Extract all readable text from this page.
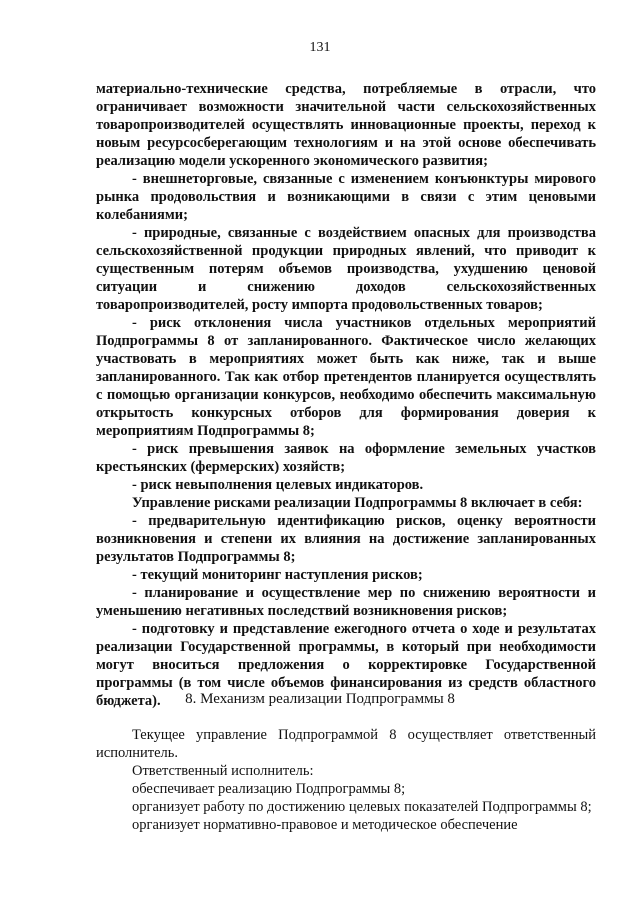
131

материально-технические средства, потребляемые в отрасли, что ограничивает возможности значительной части сельскохозяйственных товаропроизводителей осуществлять инновационные проекты, переход к новым ресурсосберегающим технологиям и на этой основе обеспечивать реализацию модели ускоренного экономического развития;

- внешнеторговые, связанные с изменением конъюнктуры мирового рынка продовольствия и возникающими в связи с этим ценовыми колебаниями;

- природные, связанные с воздействием опасных для производства сельскохозяйственной продукции природных явлений, что приводит к существенным потерям объемов производства, ухудшению ценовой ситуации и снижению доходов сельскохозяйственных товаропроизводителей, росту импорта продовольственных товаров;

- риск отклонения числа участников отдельных мероприятий Подпрограммы 8 от запланированного. Фактическое число желающих участвовать в мероприятиях может быть как ниже, так и выше запланированного. Так как отбор претендентов планируется осуществлять с помощью организации конкурсов, необходимо обеспечить максимальную открытость конкурсных отборов для формирования доверия к мероприятиям Подпрограммы 8;

- риск превышения заявок на оформление земельных участков крестьянских (фермерских) хозяйств;

- риск невыполнения целевых индикаторов.

Управление рисками реализации Подпрограммы 8 включает в себя:

- предварительную идентификацию рисков, оценку вероятности возникновения и степени их влияния на достижение запланированных результатов Подпрограммы 8;

- текущий мониторинг наступления рисков;

- планирование и осуществление мер по снижению вероятности и уменьшению негативных последствий возникновения рисков;

- подготовку и представление ежегодного отчета о ходе и результатах реализации Государственной программы, в который при необходимости могут вноситься предложения о корректировке Государственной программы (в том числе объемов финансирования из средств областного бюджета).	8. Механизм реализации Подпрограммы 8

Текущее управление Подпрограммой 8 осуществляет ответственный исполнитель.

Ответственный исполнитель:

обеспечивает реализацию Подпрограммы 8;

организует работу по достижению целевых показателей Подпрограммы 8;

организует нормативно-правовое и методическое обеспечение
